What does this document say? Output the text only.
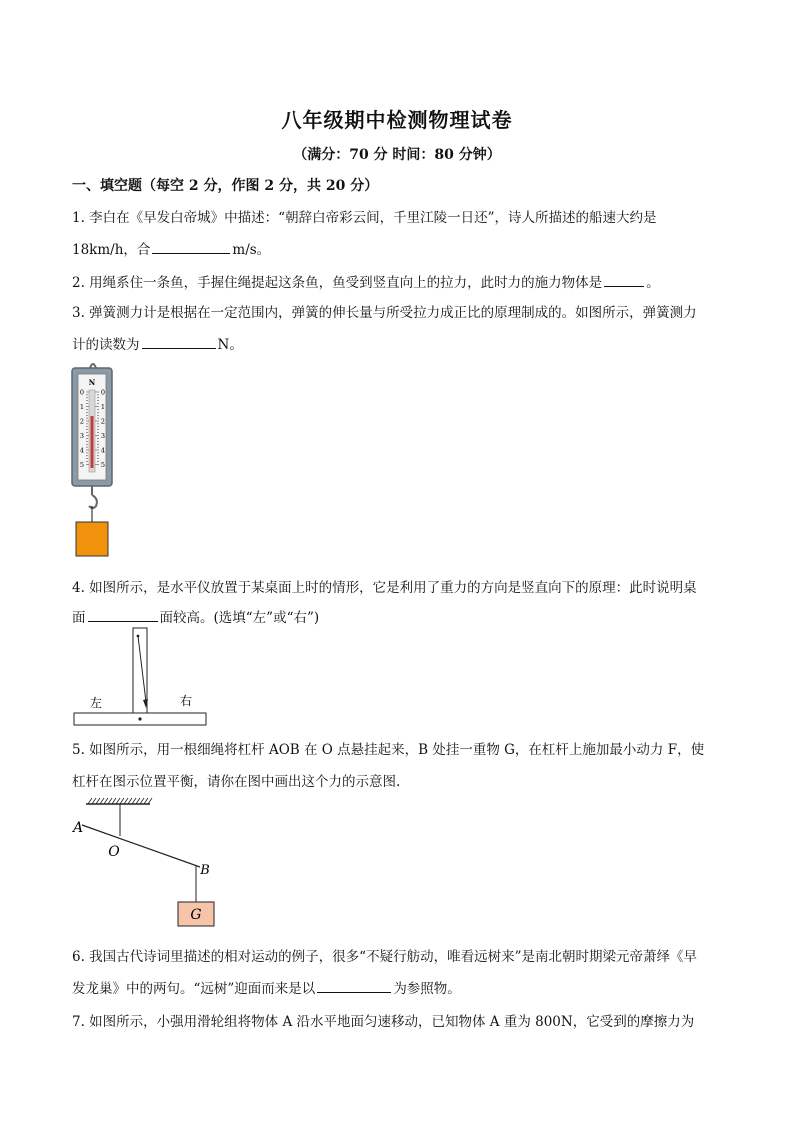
八年级期中检测物理试卷
（满分：70 分 时间：80 分钟）
一、填空题（每空 2 分，作图 2 分，共 20 分）
1. 李白在《早发白帝城》中描述：“朝辞白帝彩云间，千里江陵一日还”，诗人所描述的船速大约是
18km/h，合	m/s。
2. 用绳系住一条鱼，手握住绳提起这条鱼，鱼受到竖直向上的拉力，此时力的施力物体是	。
3. 弹簧测力计是根据在一定范围内，弹簧的伸长量与所受拉力成正比的原理制成的。如图所示，弹簧测力
计的读数为	N。
N
0	0
1	1
2	2
3	3
4	4
5	5
4. 如图所示，是水平仪放置于某桌面上时的情形，它是利用了重力的方向是竖直向下的原理：此时说明桌
面	面较高。(选填“左”或“右”)
左	右
5. 如图所示，用一根细绳将杠杆 AOB 在 O 点悬挂起来，B 处挂一重物 G，在杠杆上施加最小动力 F，使
杠杆在图示位置平衡，请你在图中画出这个力的示意图.
A
O
B
G
6. 我国古代诗词里描述的相对运动的例子，很多“不疑行舫动，唯看远树来”是南北朝时期梁元帝萧绎《早
发龙巢》中的两句。“远树”迎面而来是以	为参照物。
7. 如图所示，小强用滑轮组将物体 A 沿水平地面匀速移动，已知物体 A 重为 800N，它受到的摩擦力为
